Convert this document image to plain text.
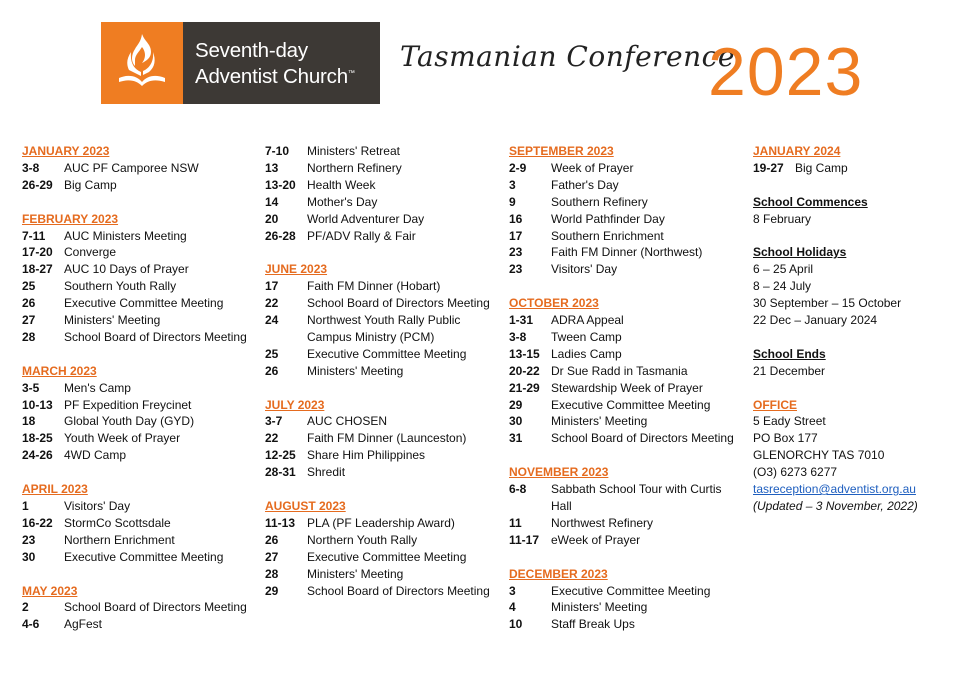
Seventh-day
Adventist Church™
Tasmanian Conference
2023
JANUARY 2023
3-8	AUC PF Camporee NSW
26-29 Big Camp
FEBRUARY 2023
7-11	AUC Ministers Meeting
17-20 Converge
18-27 AUC 10 Days of Prayer
25	Southern Youth Rally
26	Executive Committee Meeting
27	Ministers' Meeting
28	School Board of Directors Meeting
MARCH 2023
3-5	Men's Camp
10-13 PF Expedition Freycinet
18	Global Youth Day (GYD)
18-25 Youth Week of Prayer
24-26 4WD Camp
APRIL 2023
1	Visitors' Day
16-22 StormCo Scottsdale
23	Northern Enrichment
30	Executive Committee Meeting
MAY 2023
2	School Board of Directors Meeting
4-6	AgFest
7-10	Ministers' Retreat
13	Northern Refinery
13-20 Health Week
14	Mother's Day
20	World Adventurer Day
26-28 PF/ADV Rally & Fair
JUNE 2023
17	Faith FM Dinner (Hobart)
22	School Board of Directors Meeting
24	Northwest Youth Rally Public Campus Ministry (PCM)
25	Executive Committee Meeting
26	Ministers' Meeting
JULY 2023
3-7	AUC CHOSEN
22	Faith FM Dinner (Launceston)
12-25 Share Him Philippines
28-31 Shredit
AUGUST 2023
11-13 PLA (PF Leadership Award)
26	Northern Youth Rally
27	Executive Committee Meeting
28	Ministers' Meeting
29	School Board of Directors Meeting
SEPTEMBER 2023
2-9	Week of Prayer
3	Father's Day
9	Southern Refinery
16	World Pathfinder Day
17	Southern Enrichment
23	Faith FM Dinner (Northwest)
23	Visitors' Day
OCTOBER 2023
1-31	ADRA Appeal
3-8	Tween Camp
13-15 Ladies Camp
20-22 Dr Sue Radd in Tasmania
21-29 Stewardship Week of Prayer
29	Executive Committee Meeting
30	Ministers' Meeting
31	School Board of Directors Meeting
NOVEMBER 2023
6-8	Sabbath School Tour with Curtis Hall
11	Northwest Refinery
11-17 eWeek of Prayer
DECEMBER 2023
3	Executive Committee Meeting
4	Ministers' Meeting
10	Staff Break Ups
JANUARY 2024
19-27 Big Camp
School Commences
8 February
School Holidays
6 – 25 April
8 – 24 July
30 September – 15 October
22 Dec – January 2024
School Ends
21 December
OFFICE
5 Eady Street
PO Box 177
GLENORCHY TAS 7010
(O3) 6273 6277
tasreception@adventist.org.au
(Updated – 3 November, 2022)
